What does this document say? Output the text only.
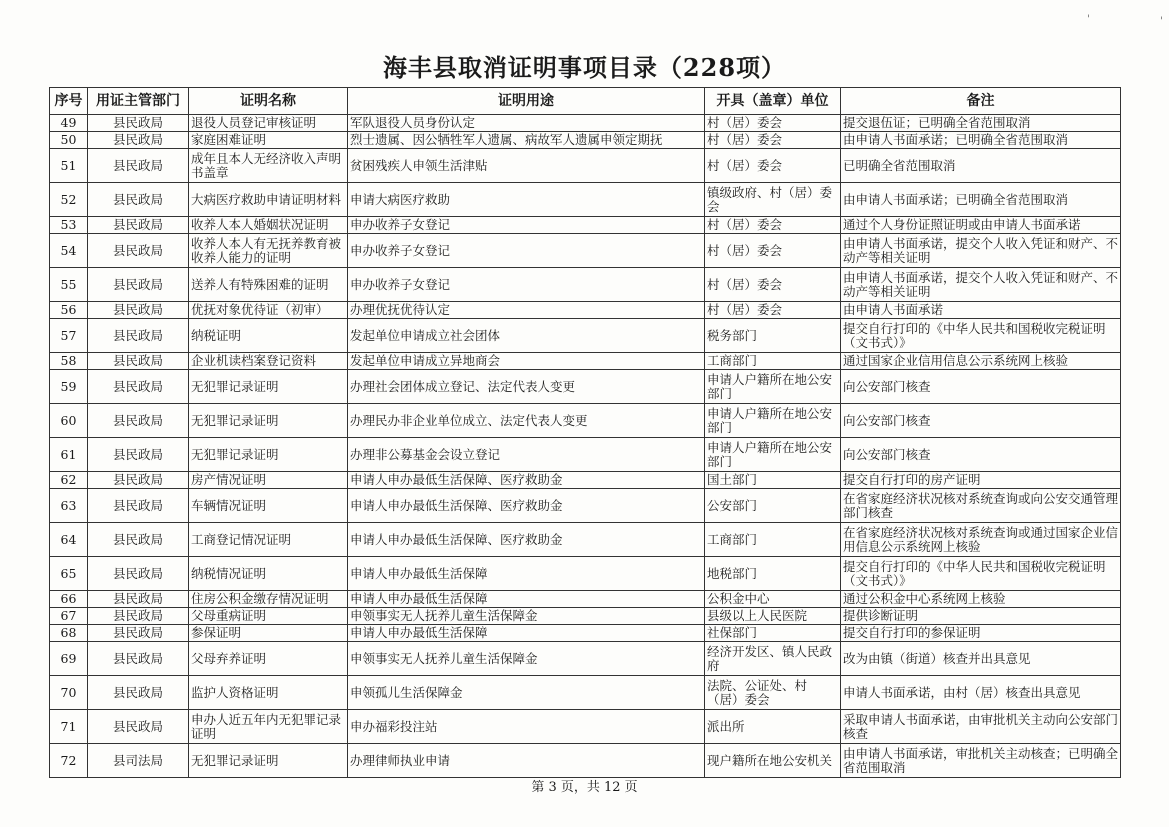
海丰县取消证明事项目录（228项）
'	'
序号	用证主管部门	证明名称	证明用途	开具（盖章）单位	备注
49	县民政局	退役人员登记审核证明	军队退役人员身份认定	村（居）委会	提交退伍证；已明确全省范围取消
50	县民政局	家庭困难证明	烈士遗属、因公牺牲军人遗属、病故军人遗属申领定期抚	村（居）委会	由申请人书面承诺；已明确全省范围取消
51	县民政局	成年且本人无经济收入声明书盖章	贫困残疾人申领生活津贴	村（居）委会	已明确全省范围取消
52	县民政局	大病医疗救助申请证明材料	申请大病医疗救助	镇级政府、村（居）委会	由申请人书面承诺；已明确全省范围取消
53	县民政局	收养人本人婚姻状况证明	申办收养子女登记	村（居）委会	通过个人身份证照证明或由申请人书面承诺
54	县民政局	收养人本人有无抚养教育被收养人能力的证明	申办收养子女登记	村（居）委会	由申请人书面承诺，提交个人收入凭证和财产、不动产等相关证明
55	县民政局	送养人有特殊困难的证明	申办收养子女登记	村（居）委会	由申请人书面承诺，提交个人收入凭证和财产、不动产等相关证明
56	县民政局	优抚对象优待证（初审）	办理优抚优待认定	村（居）委会	由申请人书面承诺
57	县民政局	纳税证明	发起单位申请成立社会团体	税务部门	提交自行打印的《中华人民共和国税收完税证明（文书式）》
58	县民政局	企业机读档案登记资料	发起单位申请成立异地商会	工商部门	通过国家企业信用信息公示系统网上核验
59	县民政局	无犯罪记录证明	办理社会团体成立登记、法定代表人变更	申请人户籍所在地公安部门	向公安部门核查
60	县民政局	无犯罪记录证明	办理民办非企业单位成立、法定代表人变更	申请人户籍所在地公安部门	向公安部门核查
61	县民政局	无犯罪记录证明	办理非公募基金会设立登记	申请人户籍所在地公安部门	向公安部门核查
62	县民政局	房产情况证明	申请人申办最低生活保障、医疗救助金	国土部门	提交自行打印的房产证明
63	县民政局	车辆情况证明	申请人申办最低生活保障、医疗救助金	公安部门	在省家庭经济状况核对系统查询或向公安交通管理部门核查
64	县民政局	工商登记情况证明	申请人申办最低生活保障、医疗救助金	工商部门	在省家庭经济状况核对系统查询或通过国家企业信用信息公示系统网上核验
65	县民政局	纳税情况证明	申请人申办最低生活保障	地税部门	提交自行打印的《中华人民共和国税收完税证明（文书式）》
66	县民政局	住房公积金缴存情况证明	申请人申办最低生活保障	公积金中心	通过公积金中心系统网上核验
67	县民政局	父母重病证明	申领事实无人抚养儿童生活保障金	县级以上人民医院	提供诊断证明
68	县民政局	参保证明	申请人申办最低生活保障	社保部门	提交自行打印的参保证明
69	县民政局	父母弃养证明	申领事实无人抚养儿童生活保障金	经济开发区、镇人民政府	改为由镇（街道）核查并出具意见
70	县民政局	监护人资格证明	申领孤儿生活保障金	法院、公证处、村（居）委会	申请人书面承诺，由村（居）核查出具意见
71	县民政局	申办人近五年内无犯罪记录证明	申办福彩投注站	派出所	采取申请人书面承诺，由审批机关主动向公安部门核查
72	县司法局	无犯罪记录证明	办理律师执业申请	现户籍所在地公安机关	由申请人书面承诺，审批机关主动核查；已明确全省范围取消
第 3 页，共 12 页
